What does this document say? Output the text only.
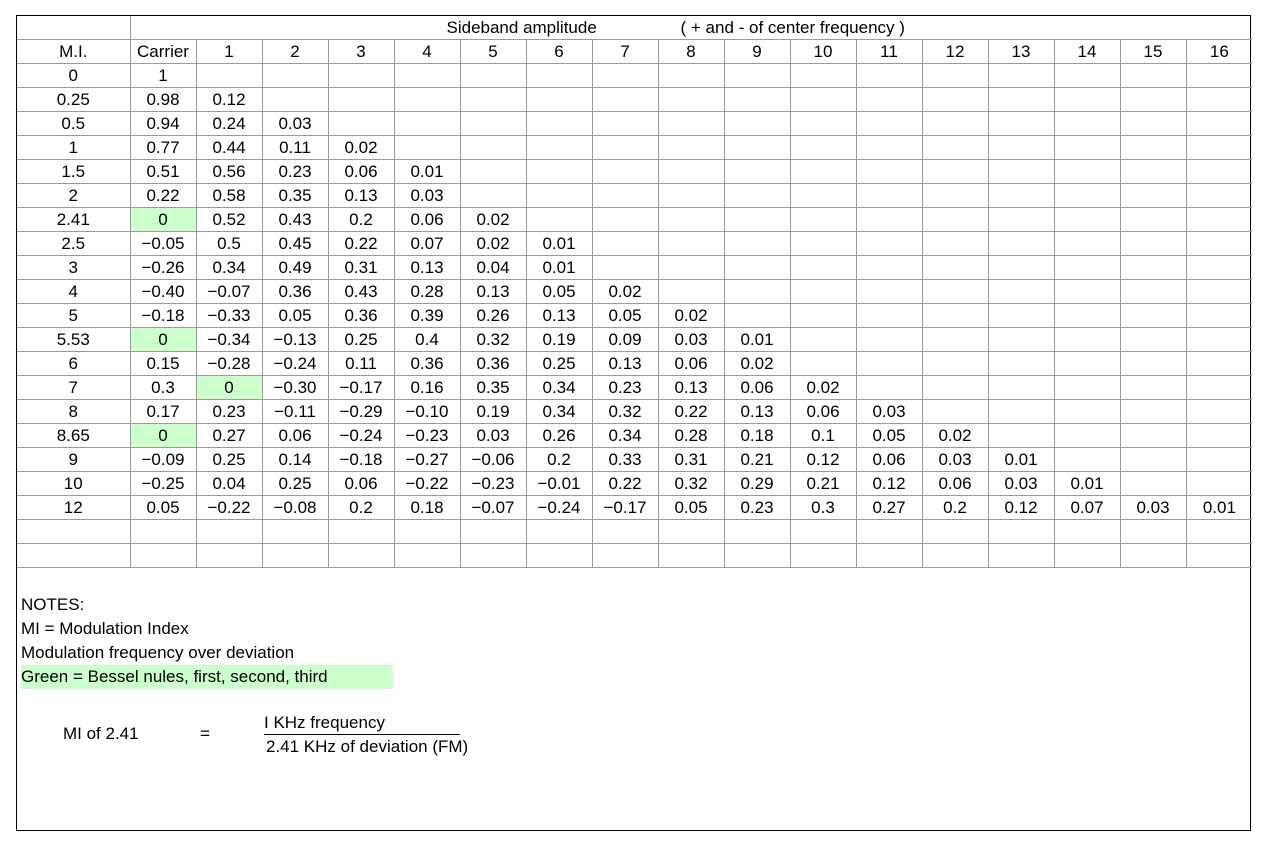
	Sideband amplitude ( + and - of center frequency )																

M.I.	Carrier	1	2	3	4	5	6	7	8	9	10	11	12	13	14	15	16
0	1																
0.25	0.98	0.12															
0.5	0.94	0.24	0.03														
1	0.77	0.44	0.11	0.02													
1.5	0.51	0.56	0.23	0.06	0.01												
2	0.22	0.58	0.35	0.13	0.03												
2.41	0	0.52	0.43	0.2	0.06	0.02											
2.5	−0.05	0.5	0.45	0.22	0.07	0.02	0.01										
3	−0.26	0.34	0.49	0.31	0.13	0.04	0.01										
4	−0.40	−0.07	0.36	0.43	0.28	0.13	0.05	0.02									
5	−0.18	−0.33	0.05	0.36	0.39	0.26	0.13	0.05	0.02								
5.53	0	−0.34	−0.13	0.25	0.4	0.32	0.19	0.09	0.03	0.01							
6	0.15	−0.28	−0.24	0.11	0.36	0.36	0.25	0.13	0.06	0.02							
7	0.3	0	−0.30	−0.17	0.16	0.35	0.34	0.23	0.13	0.06	0.02						
8	0.17	0.23	−0.11	−0.29	−0.10	0.19	0.34	0.32	0.22	0.13	0.06	0.03					
8.65	0	0.27	0.06	−0.24	−0.23	0.03	0.26	0.34	0.28	0.18	0.1	0.05	0.02				
9	−0.09	0.25	0.14	−0.18	−0.27	−0.06	0.2	0.33	0.31	0.21	0.12	0.06	0.03	0.01			
10	−0.25	0.04	0.25	0.06	−0.22	−0.23	−0.01	0.22	0.32	0.29	0.21	0.12	0.06	0.03	0.01		
12	0.05	−0.22	−0.08	0.2	0.18	−0.07	−0.24	−0.17	0.05	0.23	0.3	0.27	0.2	0.12	0.07	0.03	0.01

NOTES:
MI = Modulation Index
Modulation frequency over deviation
Green = Bessel nules, first, second, third
MI of 2.41	=
I KHz frequency
2.41 KHz of deviation (FM)
